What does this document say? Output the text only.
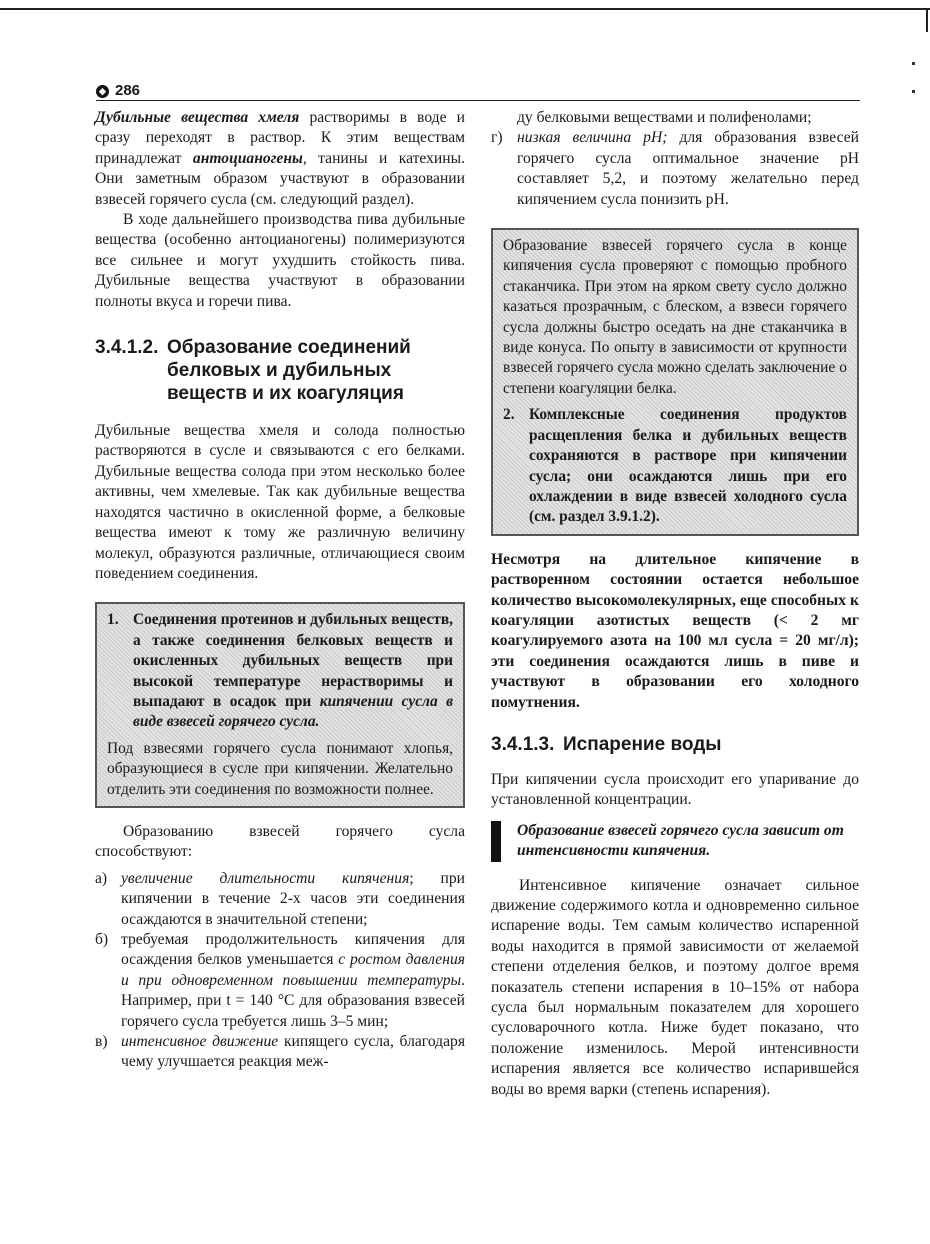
◆ 286

Дубильные вещества хмеля растворимы в воде и сразу переходят в раствор. К этим веществам принадлежат антоцианогены, танины и катехины. Они заметным образом участвуют в образовании взвесей горячего сусла (см. следующий раздел).

В ходе дальнейшего производства пива дубильные вещества (особенно антоцианогены) полимеризуются все сильнее и могут ухудшить стойкость пива. Дубильные вещества участвуют в образовании полноты вкуса и горечи пива.

3.4.1.2. Образование соединений белковых и дубильных веществ и их коагуляция

Дубильные вещества хмеля и солода полностью растворяются в сусле и связываются с его белками. Дубильные вещества солода при этом несколько более активны, чем хмелевые. Так как дубильные вещества находятся частично в окисленной форме, а белковые вещества имеют к тому же различную величину молекул, образуются различные, отличающиеся своим поведением соединения.

1. Соединения протеинов и дубильных веществ, а также соединения белковых веществ и окисленных дубильных веществ при высокой температуре нерастворимы и выпадают в осадок при кипячении сусла в виде взвесей горячего сусла.

Под взвесями горячего сусла понимают хлопья, образующиеся в сусле при кипячении. Желательно отделить эти соединения по возможности полнее.

Образованию взвесей горячего сусла способствуют:

а) увеличение длительности кипячения; при кипячении в течение 2-х часов эти соединения осаждаются в значительной степени;
б) требуемая продолжительность кипячения для осаждения белков уменьшается с ростом давления и при одновременном повышении температуры. Например, при t = 140 °С для образования взвесей горячего сусла требуется лишь 3–5 мин;
в) интенсивное движение кипящего сусла, благодаря чему улучшается реакция меж-

ду белковыми веществами и полифенолами;

г) низкая величина рН; для образования взвесей горячего сусла оптимальное значение рН составляет 5,2, и поэтому желательно перед кипячением сусла понизить рН.

Образование взвесей горячего сусла в конце кипячения сусла проверяют с помощью пробного стаканчика. При этом на ярком свету сусло должно казаться прозрачным, с блеском, а взвеси горячего сусла должны быстро оседать на дне стаканчика в виде конуса. По опыту в зависимости от крупности взвесей горячего сусла можно сделать заключение о степени коагуляции белка.

2. Комплексные соединения продуктов расщепления белка и дубильных веществ сохраняются в растворе при кипячении сусла; они осаждаются лишь при его охлаждении в виде взвесей холодного сусла (см. раздел 3.9.1.2).

Несмотря на длительное кипячение в растворенном состоянии остается небольшое количество высокомолекулярных, еще способных к коагуляции азотистых веществ (< 2 мг коагулируемого азота на 100 мл сусла = 20 мг/л); эти соединения осаждаются лишь в пиве и участвуют в образовании его холодного помутнения.

3.4.1.3. Испарение воды

При кипячении сусла происходит его упаривание до установленной концентрации.

Образование взвесей горячего сусла зависит от интенсивности кипячения.

Интенсивное кипячение означает сильное движение содержимого котла и одновременно сильное испарение воды. Тем самым количество испаренной воды находится в прямой зависимости от желаемой степени отделения белков, и поэтому долгое время показатель степени испарения в 10–15% от набора сусла был нормальным показателем для хорошего сусловарочного котла. Ниже будет показано, что положение изменилось. Мерой интенсивности испарения является все количество испарившейся воды во время варки (степень испарения).
